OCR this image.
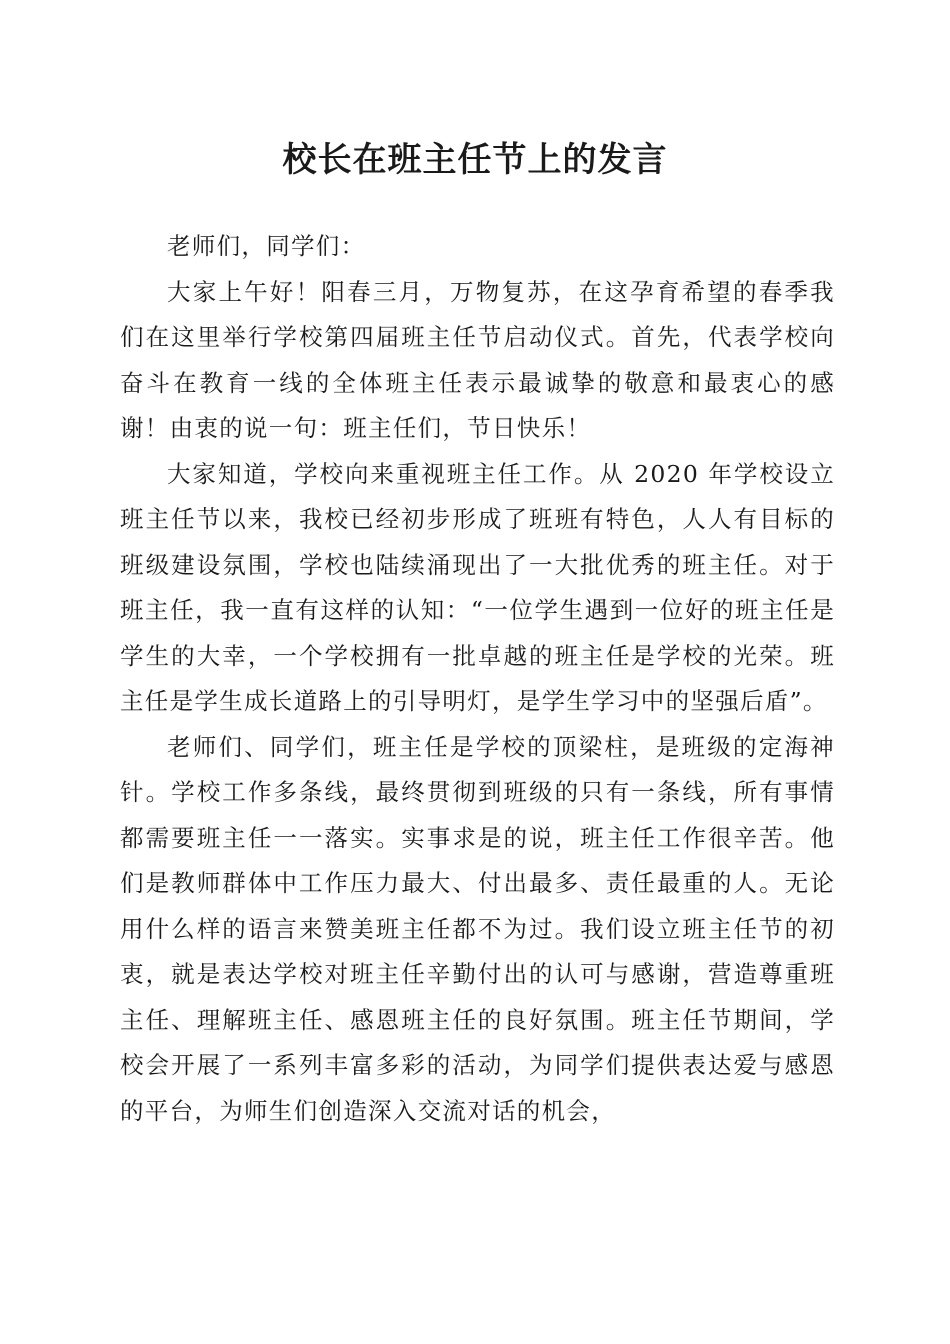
校长在班主任节上的发言

老师们，同学们：

大家上午好！阳春三月，万物复苏，在这孕育希望的春季我们在这里举行学校第四届班主任节启动仪式。首先，代表学校向奋斗在教育一线的全体班主任表示最诚挚的敬意和最衷心的感谢！由衷的说一句：班主任们，节日快乐！

大家知道，学校向来重视班主任工作。从 2020 年学校设立班主任节以来，我校已经初步形成了班班有特色，人人有目标的班级建设氛围，学校也陆续涌现出了一大批优秀的班主任。对于班主任，我一直有这样的认知：“一位学生遇到一位好的班主任是学生的大幸，一个学校拥有一批卓越的班主任是学校的光荣。班主任是学生成长道路上的引导明灯，是学生学习中的坚强后盾”。

老师们、同学们，班主任是学校的顶梁柱，是班级的定海神针。学校工作多条线，最终贯彻到班级的只有一条线，所有事情都需要班主任一一落实。实事求是的说，班主任工作很辛苦。他们是教师群体中工作压力最大、付出最多、责任最重的人。无论用什么样的语言来赞美班主任都不为过。我们设立班主任节的初衷，就是表达学校对班主任辛勤付出的认可与感谢，营造尊重班主任、理解班主任、感恩班主任的良好氛围。班主任节期间，学校会开展了一系列丰富多彩的活动，为同学们提供表达爱与感恩的平台，为师生们创造深入交流对话的机会，
